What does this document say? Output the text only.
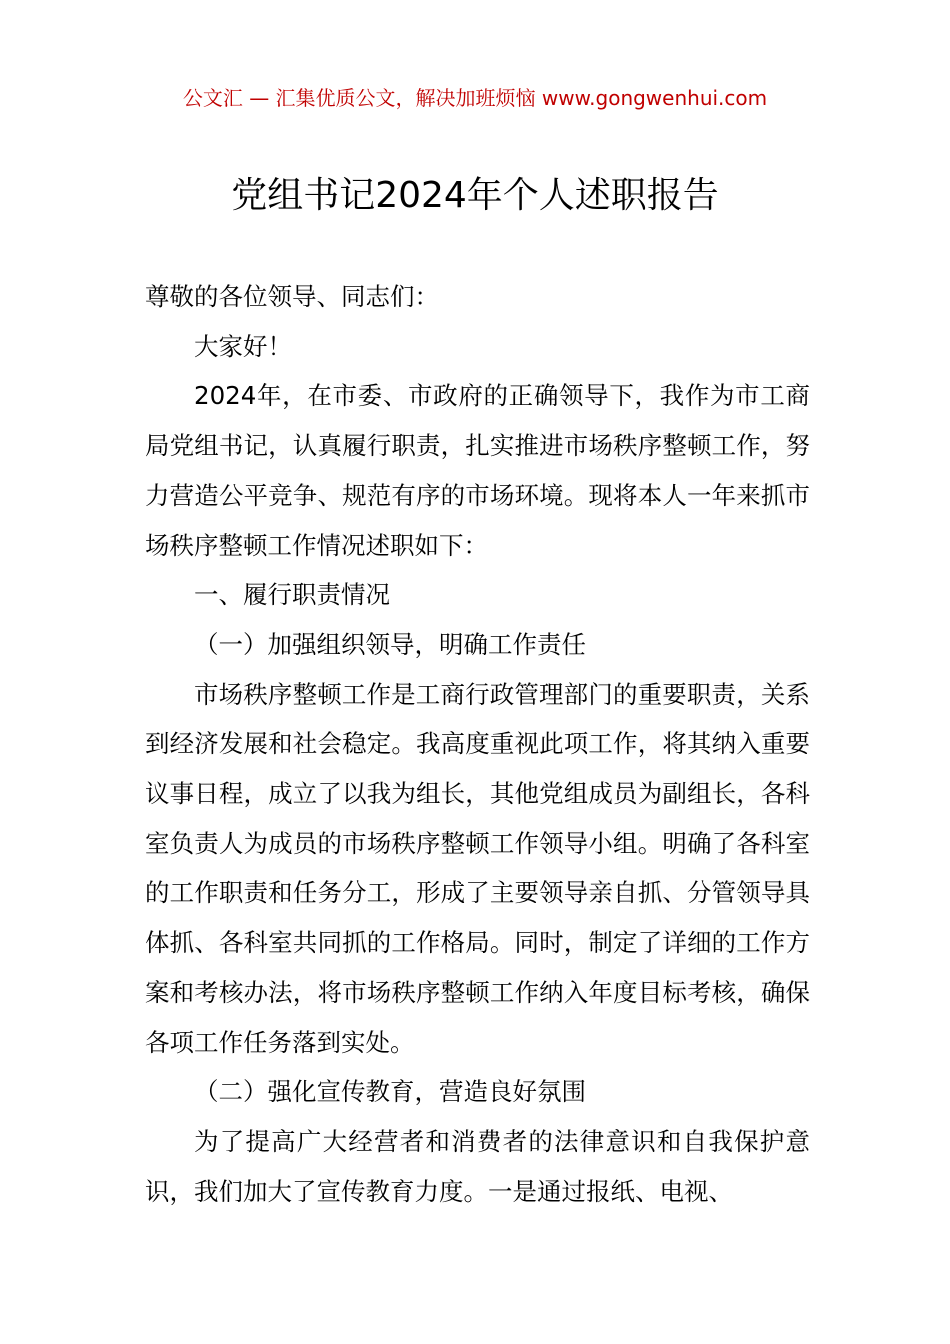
公文汇 — 汇集优质公文，解决加班烦恼 www.gongwenhui.com
党组书记2024年个人述职报告

尊敬的各位领导、同志们：

大家好！

2024年，在市委、市政府的正确领导下，我作为市工商局党组书记，认真履行职责，扎实推进市场秩序整顿工作，努力营造公平竞争、规范有序的市场环境。现将本人一年来抓市场秩序整顿工作情况述职如下：

一、履行职责情况

（一）加强组织领导，明确工作责任

市场秩序整顿工作是工商行政管理部门的重要职责，关系到经济发展和社会稳定。我高度重视此项工作，将其纳入重要议事日程，成立了以我为组长，其他党组成员为副组长，各科室负责人为成员的市场秩序整顿工作领导小组。明确了各科室的工作职责和任务分工，形成了主要领导亲自抓、分管领导具体抓、各科室共同抓的工作格局。同时，制定了详细的工作方案和考核办法，将市场秩序整顿工作纳入年度目标考核，确保各项工作任务落到实处。

（二）强化宣传教育，营造良好氛围

为了提高广大经营者和消费者的法律意识和自我保护意识，我们加大了宣传教育力度。一是通过报纸、电视、
